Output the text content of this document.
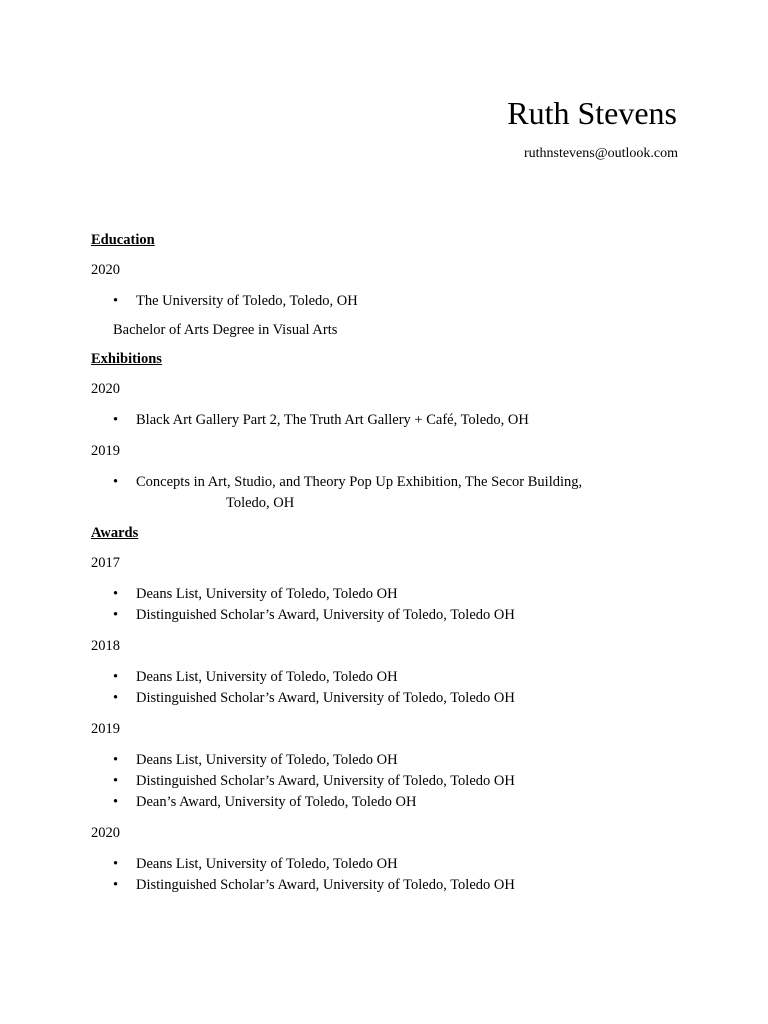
Ruth Stevens
ruthnstevens@outlook.com
Education
2020
• The University of Toledo, Toledo, OH
Bachelor of Arts Degree in Visual Arts
Exhibitions
2020
• Black Art Gallery Part 2, The Truth Art Gallery + Café, Toledo, OH
2019
• Concepts in Art, Studio, and Theory Pop Up Exhibition, The Secor Building,
Toledo, OH
Awards
2017
• Deans List, University of Toledo, Toledo OH
• Distinguished Scholar’s Award, University of Toledo, Toledo OH
2018
• Deans List, University of Toledo, Toledo OH
• Distinguished Scholar’s Award, University of Toledo, Toledo OH
2019
• Deans List, University of Toledo, Toledo OH
• Distinguished Scholar’s Award, University of Toledo, Toledo OH
• Dean’s Award, University of Toledo, Toledo OH
2020
• Deans List, University of Toledo, Toledo OH
• Distinguished Scholar’s Award, University of Toledo, Toledo OH
